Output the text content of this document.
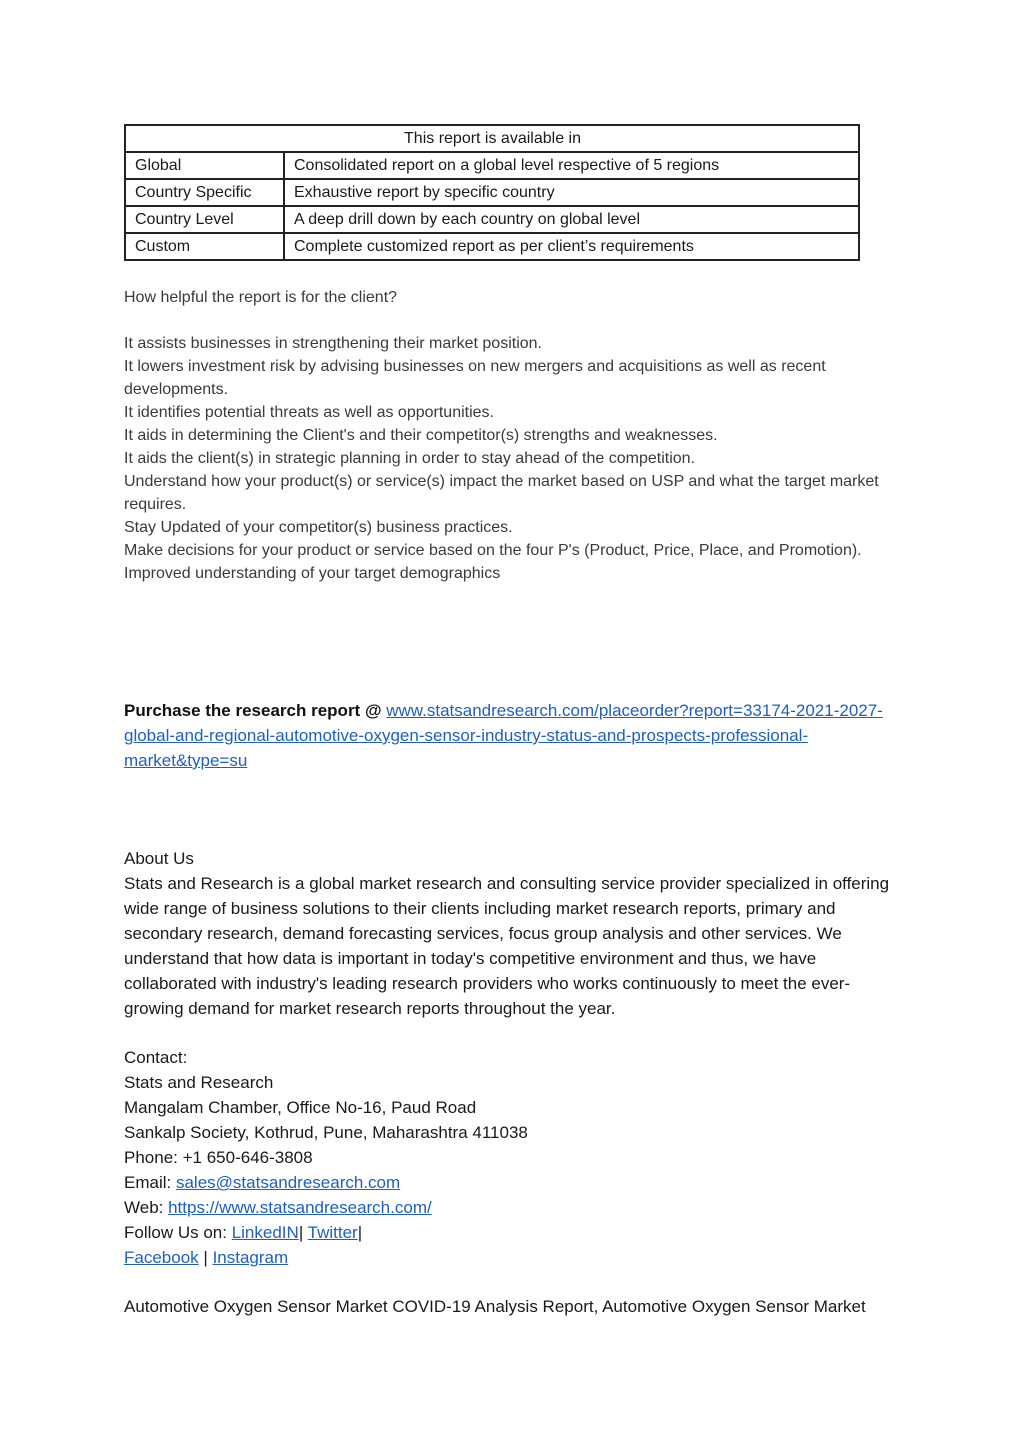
This report is available in	
Global	Consolidated report on a global level respective of 5 regions
Country Specific	Exhaustive report by specific country
Country Level	A deep drill down by each country on global level
Custom	Complete customized report as per client’s requirements
How helpful the report is for the client?
It assists businesses in strengthening their market position.
It lowers investment risk by advising businesses on new mergers and acquisitions as well as recent developments.
It identifies potential threats as well as opportunities.
It aids in determining the Client's and their competitor(s) strengths and weaknesses.
It aids the client(s) in strategic planning in order to stay ahead of the competition.
Understand how your product(s) or service(s) impact the market based on USP and what the target market requires.
Stay Updated of your competitor(s) business practices.
Make decisions for your product or service based on the four P's (Product, Price, Place, and Promotion).
Improved understanding of your target demographics
Purchase the research report @ www.statsandresearch.com/placeorder?report=33174-2021-2027-global-and-regional-automotive-oxygen-sensor-industry-status-and-prospects-professional-market&type=su
About Us
Stats and Research is a global market research and consulting service provider specialized in offering wide range of business solutions to their clients including market research reports, primary and secondary research, demand forecasting services, focus group analysis and other services. We understand that how data is important in today's competitive environment and thus, we have collaborated with industry's leading research providers who works continuously to meet the ever-growing demand for market research reports throughout the year.
Contact:
Stats and Research
Mangalam Chamber, Office No-16, Paud Road
Sankalp Society, Kothrud, Pune, Maharashtra 411038
Phone: +1 650-646-3808
Email: sales@statsandresearch.com
Web: https://www.statsandresearch.com/
Follow Us on: LinkedIN| Twitter|
Facebook | Instagram
Automotive Oxygen Sensor Market COVID-19 Analysis Report, Automotive Oxygen Sensor Market
